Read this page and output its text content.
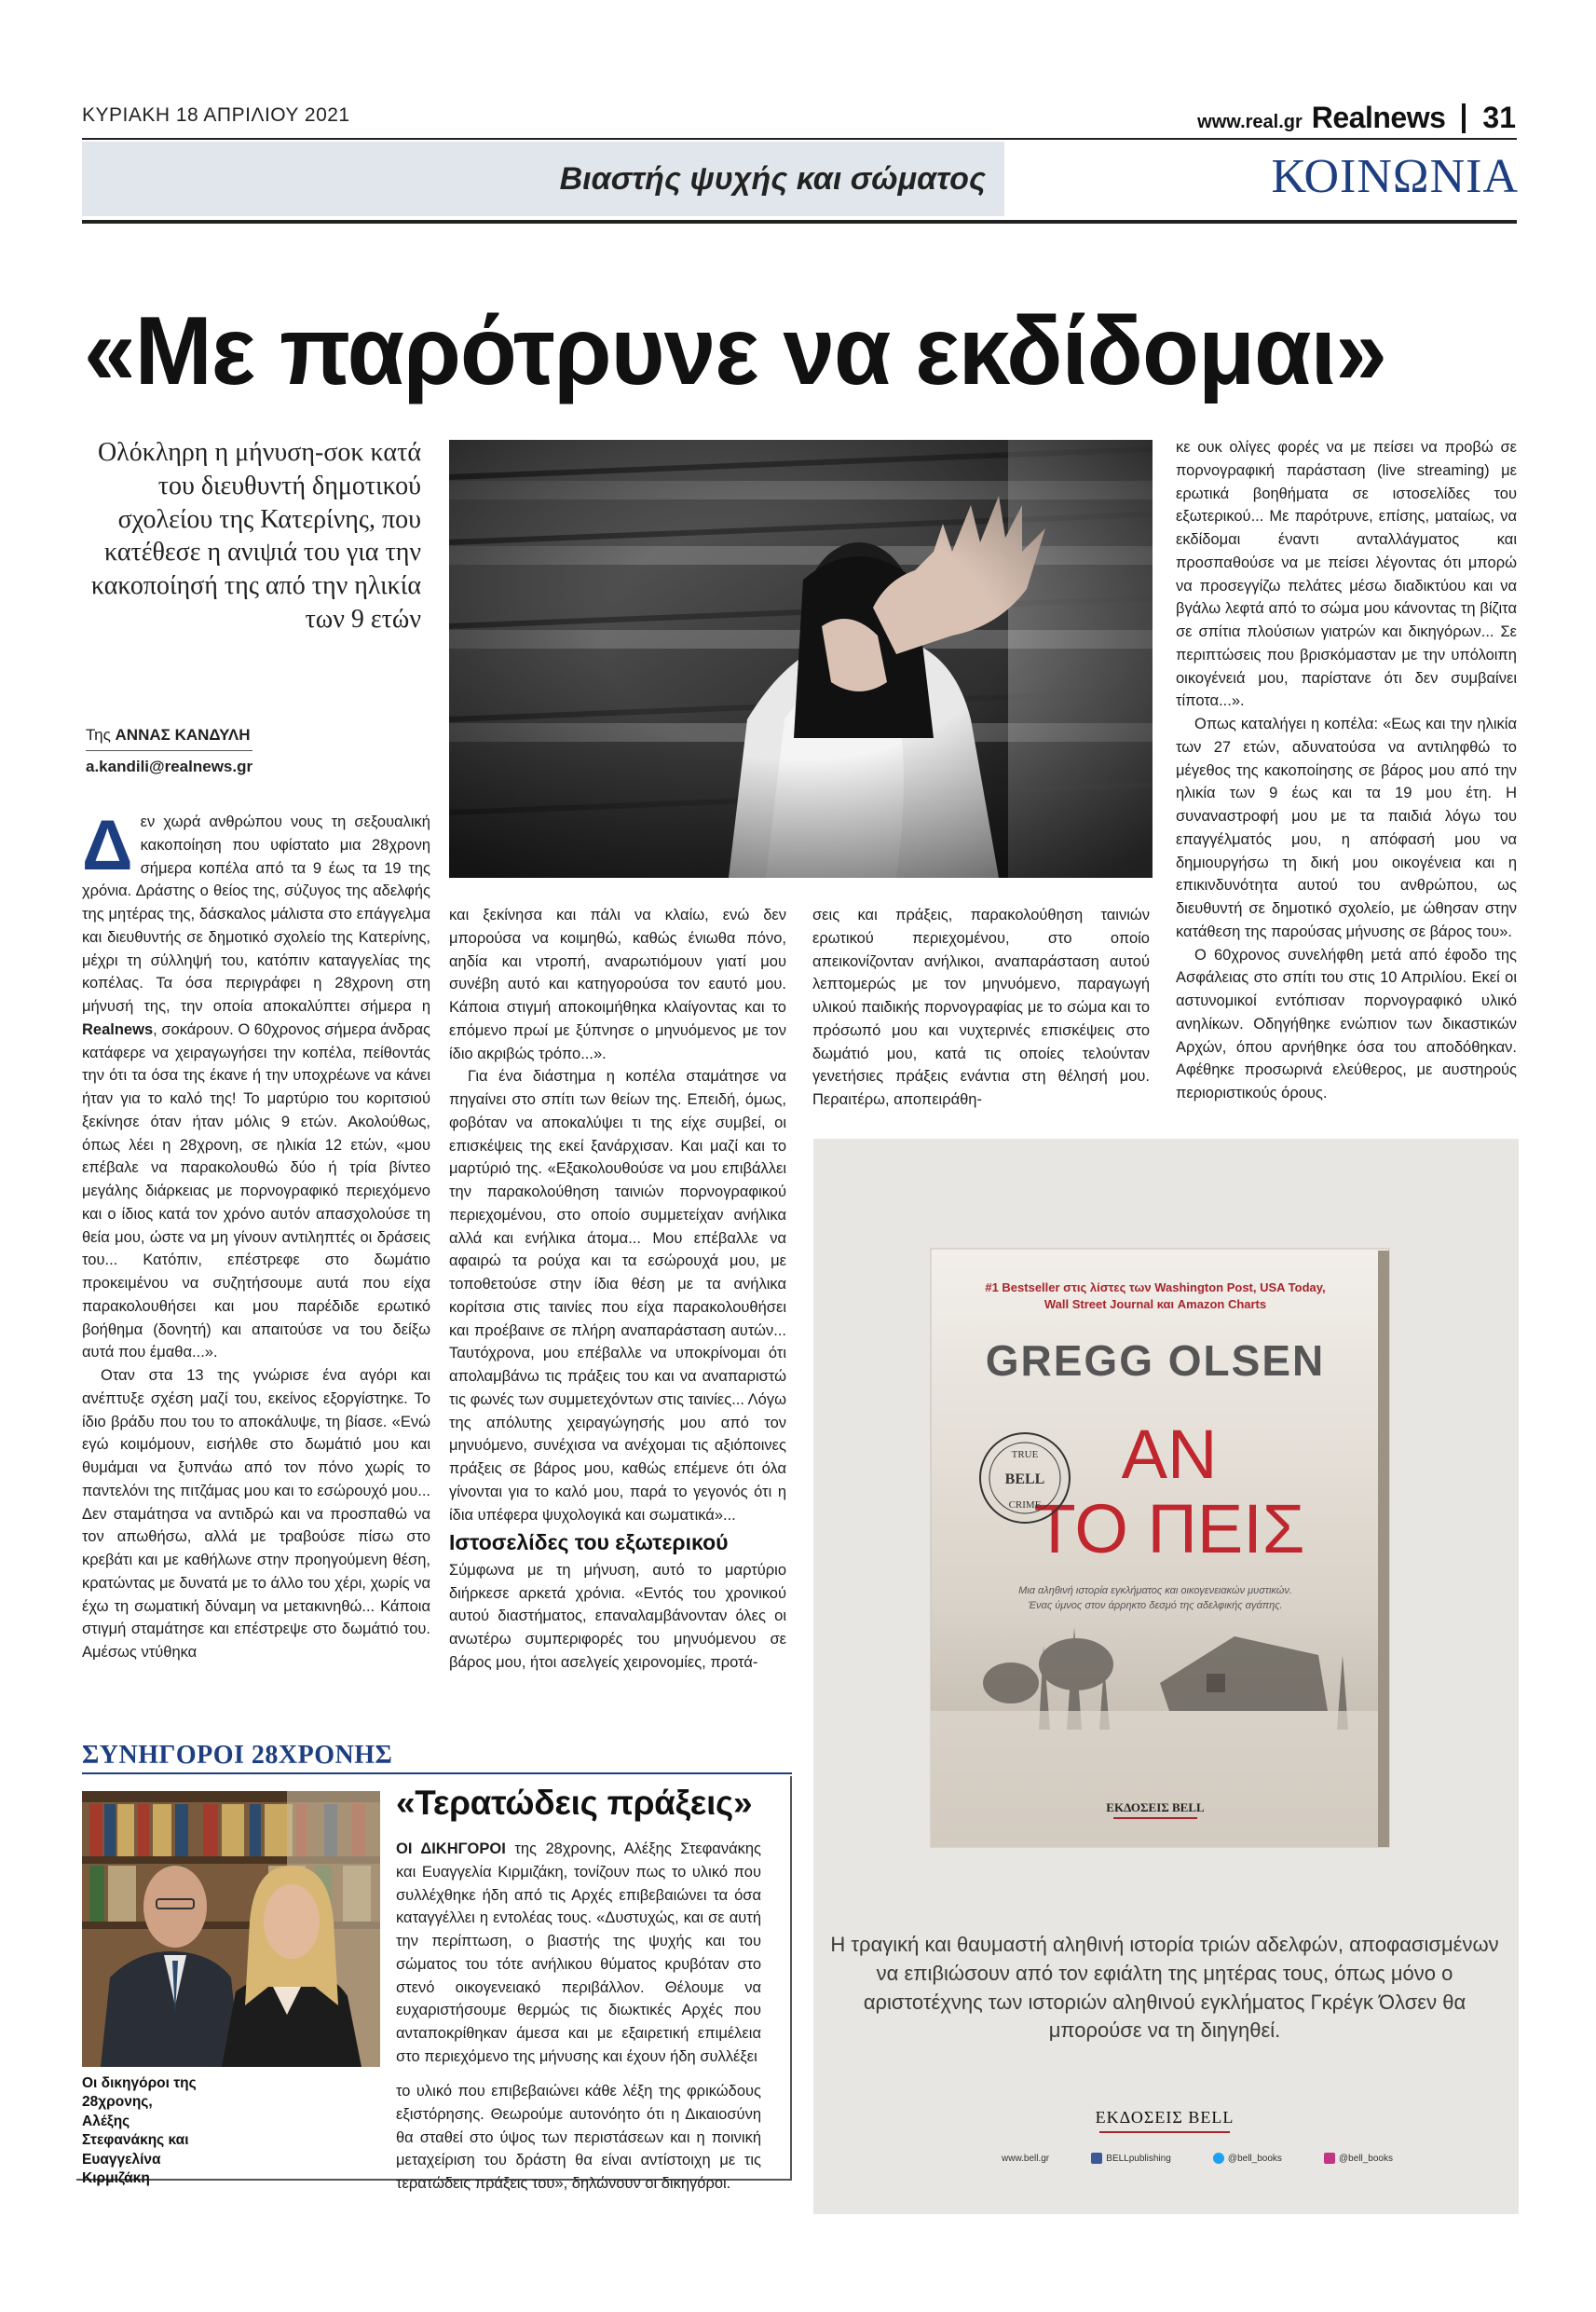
ΚΥΡΙΑΚΗ 18 ΑΠΡΙΛΙΟΥ 2021	www.real.gr Realnews 31
Βιαστής ψυχής και σώματος	ΚΟΙΝΩΝΙΑ
«Με παρότρυνε να εκδίδομαι»
Ολόκληρη η μήνυση-σοκ κατά του διευθυντή δημοτικού σχολείου της Κατερίνης, που κατέθεσε η ανιψιά του για την κακοποίησή της από την ηλικία των 9 ετών
Της ΑΝΝΑΣ ΚΑΝΔΥΛΗ
a.kandili@realnews.gr

Δεν χωρά ανθρώπου νους τη σεξουαλική κακοποίηση που υφίσταto μια 28χρονη σήμερα κοπέλα από τα 9 έως τα 19 της χρόνια. Δράστης ο θείος της, σύζυγος της αδελφής της μητέρας της, δάσκαλος μάλιστα στο επάγγελμα και διευθυντής σε δημοτικό σχολείο της Κατερίνης, μέχρι τη σύλληψή του, κατόπιν καταγγελίας της κοπέλας. Τα όσα περιγράφει η 28χρονη στη μήνυσή της, την οποία αποκαλύπτει σήμερα η Realnews, σοκάρουν. Ο 60χρονος σήμερα άνδρας κατάφερε να χειραγωγήσει την κοπέλα, πείθοντάς την ότι τα όσα της έκανε ή την υποχρέωνε να κάνει ήταν για το καλό της! Το μαρτύριο του κοριτσιού ξεκίνησε όταν ήταν μόλις 9 ετών. Ακολούθως, όπως λέει η 28χρονη, σε ηλικία 12 ετών, «μου επέβαλε να παρακολουθώ δύο ή τρία βίντεο μεγάλης διάρκειας με πορνογραφικό περιεχόμενο και ο ίδιος κατά τον χρόνο αυτόν απασχολούσε τη θεία μου, ώστε να μη γίνουν αντιληπτές οι δράσεις του... Κατόπιν, επέστρεφε στο δωμάτιο προκειμένου να συζητήσουμε αυτά που είχα παρακολουθήσει και μου παρέδιδε ερωτικό βοήθημα (δονητή) και απαιτούσε να του δείξω αυτά που έμαθα...».

Οταν στα 13 της γνώρισε ένα αγόρι και ανέπτυξε σχέση μαζί του, εκείνος εξοργίστηκε. Το ίδιο βράδυ που του το αποκάλυψε, τη βίασε. «Ενώ εγώ κοιμόμουν, εισήλθε στο δωμάτιό μου και θυμάμαι να ξυπνάω από τον πόνο χωρίς το παντελόνι της πιτζάμας μου και το εσώρουχό μου... Δεν σταμάτησα να αντιδρώ και να προσπαθώ να τον απωθήσω, αλλά με τραβούσε πίσω στο κρεβάτι και με καθήλωνε στην προηγούμενη θέση, κρατώντας με δυνατά με το άλλο του χέρι, χωρίς να έχω τη σωματική δύναμη να μετακινηθώ... Κάποια στιγμή σταμάτησε και επέστρεψε στο δωμάτιό του. Αμέσως ντύθηκα

και ξεκίνησα και πάλι να κλαίω, ενώ δεν μπορούσα να κοιμηθώ, καθώς ένιωθα πόνο, αηδία και ντροπή, αναρωτιόμουν γιατί μου συνέβη αυτό και κατηγορούσα τον εαυτό μου. Κάποια στιγμή αποκοιμήθηκα κλαίγοντας και το επόμενο πρωί με ξύπνησε ο μηνυόμενος με τον ίδιο ακριβώς τρόπο...».

Για ένα διάστημα η κοπέλα σταμάτησε να πηγαίνει στο σπίτι των θείων της. Επειδή, όμως, φοβόταν να αποκαλύψει τι της είχε συμβεί, οι επισκέψεις της εκεί ξανάρχισαν. Και μαζί και το μαρτύριό της. «Εξακολουθούσε να μου επιβάλλει την παρακολούθηση ταινιών πορνογραφικού περιεχομένου, στο οποίο συμμετείχαν ανήλικα αλλά και ενήλικα άτομα... Μου επέβαλλε να αφαιρώ τα ρούχα και τα εσώρουχά μου, με τοποθετούσε στην ίδια θέση με τα ανήλικα κορίτσια στις ταινίες που είχα παρακολουθήσει και προέβαινε σε πλήρη αναπαράσταση αυτών... Ταυτόχρονα, μου επέβαλλε να υποκρίνομαι ότι απολαμβάνω τις πράξεις του και να αναπαριστώ τις φωνές των συμμετεχόντων στις ταινίες... Λόγω της απόλυτης χειραγώγησής μου από τον μηνυόμενο, συνέχισα να ανέχομαι τις αξιόποινες πράξεις σε βάρος μου, καθώς επέμενε ότι όλα γίνονται για το καλό μου, παρά το γεγονός ότι η ίδια υπέφερα ψυχολογικά και σωματικά»...

Ιστοσελίδες του εξωτερικού

Σύμφωνα με τη μήνυση, αυτό το μαρτύριο διήρκεσε αρκετά χρόνια. «Εντός του χρονικού αυτού διαστήματος, επαναλαμβάνονταν όλες οι ανωτέρω συμπεριφορές του μηνυόμενου σε βάρος μου, ήτοι ασελγείς χειρονομίες, προτά-

σεις και πράξεις, παρακολούθηση ταινιών ερωτικού περιεχομένου, στο οποίο απεικονίζονταν ανήλικοι, αναπαράσταση αυτού λεπτομερώς με τον μηνυόμενο, παραγωγή υλικού παιδικής πορνογραφίας με το σώμα και το πρόσωπό μου και νυχτερινές επισκέψεις στο δωμάτιό μου, κατά τις οποίες τελούνταν γενετήσιες πράξεις ενάντια στη θέλησή μου. Περαιτέρω, αποπειράθη-

κε ουκ ολίγες φορές να με πείσει να προβώ σε πορνογραφική παράσταση (live streaming) με ερωτικά βοηθήματα σε ιστοσελίδες του εξωτερικού... Με παρότρυνε, επίσης, ματαίως, να εκδίδομαι έναντι ανταλλάγματος και προσπαθούσε να με πείσει λέγοντας ότι μπορώ να προσεγγίζω πελάτες μέσω διαδικτύου και να βγάλω λεφτά από το σώμα μου κάνοντας τη βίζιτα σε σπίτια πλούσιων γιατρών και δικηγόρων... Σε περιπτώσεις που βρισκόμασταν με την υπόλοιπη οικογένειά μου, παρίστανε ότι δεν συμβαίνει τίποτα...».

Οπως καταλήγει η κοπέλα: «Εως και την ηλικία των 27 ετών, αδυνατούσα να αντιληφθώ το μέγεθος της κακοποίησης σε βάρος μου από την ηλικία των 9 έως και τα 19 μου έτη. Η συναναστροφή μου με τα παιδιά λόγω του επαγγέλματός μου, η απόφασή μου να δημιουργήσω τη δική μου οικογένεια και η επικινδυνότητα αυτού του ανθρώπου, ως διευθυντή σε δημοτικό σχολείο, με ώθησαν στην κατάθεση της παρούσας μήνυσης σε βάρος του».

Ο 60χρονος συνελήφθη μετά από έφοδο της Ασφάλειας στο σπίτι του στις 10 Απριλίου. Εκεί οι αστυνομικοί εντόπισαν πορνογραφικό υλικό ανηλίκων. Οδηγήθηκε ενώπιον των δικαστικών Αρχών, όπου αρνήθηκε όσα του αποδόθηκαν. Αφέθηκε προσωρινά ελεύθερος, με αυστηρούς περιοριστικούς όρους.

#1 Bestseller στις λίστες των Washington Post, USA Today,
Wall Street Journal και Amazon Charts
GREGG OLSEN
ΑΝ
ΤΟ ΠΕΙΣ
TRUE
BELL
CRIME
Μια αληθινή ιστορία εγκλήματος και οικογενειακών μυστικών.
Ένας ύμνος στον άρρηκτο δεσμό της αδελφικής αγάπης.
ΕΚΔΟΣΕΙΣ BELL
Η τραγική και θαυμαστή αληθινή ιστορία τριών αδελφών, αποφασισμένων να επιβιώσουν από τον εφιάλτη της μητέρας τους, όπως μόνο ο αριστοτέχνης των ιστοριών αληθινού εγκλήματος Γκρέγκ Όλσεν θα μπορούσε να τη διηγηθεί.
ΕΚΔΟΣΕΙΣ BELL
www.bell.gr	BELLpublishing	@bell_books	@bell_books
ΣΥΝΗΓΟΡΟΙ 28ΧΡΟΝΗΣ
Οι δικηγόροι της 28χρονης, Αλέξης Στεφανάκης και Ευαγγελίνα Κιρμιζάκη
«Τερατώδεις πράξεις»
ΟΙ ΔΙΚΗΓΟΡΟΙ της 28χρονης, Αλέξης Στεφανάκης και Ευαγγελία Κιρμιζάκη, τονίζουν πως το υλικό που συλλέχθηκε ήδη από τις Αρχές επιβεβαιώνει τα όσα καταγγέλλει η εντολέας τους. «Δυστυχώς, και σε αυτή την περίπτωση, ο βιαστής της ψυχής και του σώματος του τότε ανήλικου θύματος κρυβόταν στο στενό οικογενειακό περιβάλλον. Θέλουμε να ευχαριστήσουμε θερμώς τις διωκτικές Αρχές που ανταποκρίθηκαν άμεσα και με εξαιρετική επιμέλεια στο περιεχόμενο της μήνυσης και έχουν ήδη συλλέξει
το υλικό που επιβεβαιώνει κάθε λέξη της φρικώδους εξιστόρησης. Θεωρούμε αυτονόητο ότι η Δικαιοσύνη θα σταθεί στο ύψος των περιστάσεων και η ποινική μεταχείριση του δράστη θα είναι αντίστοιχη με τις τερατώδεις πράξεις του», δηλώνουν οι δικηγόροι.
